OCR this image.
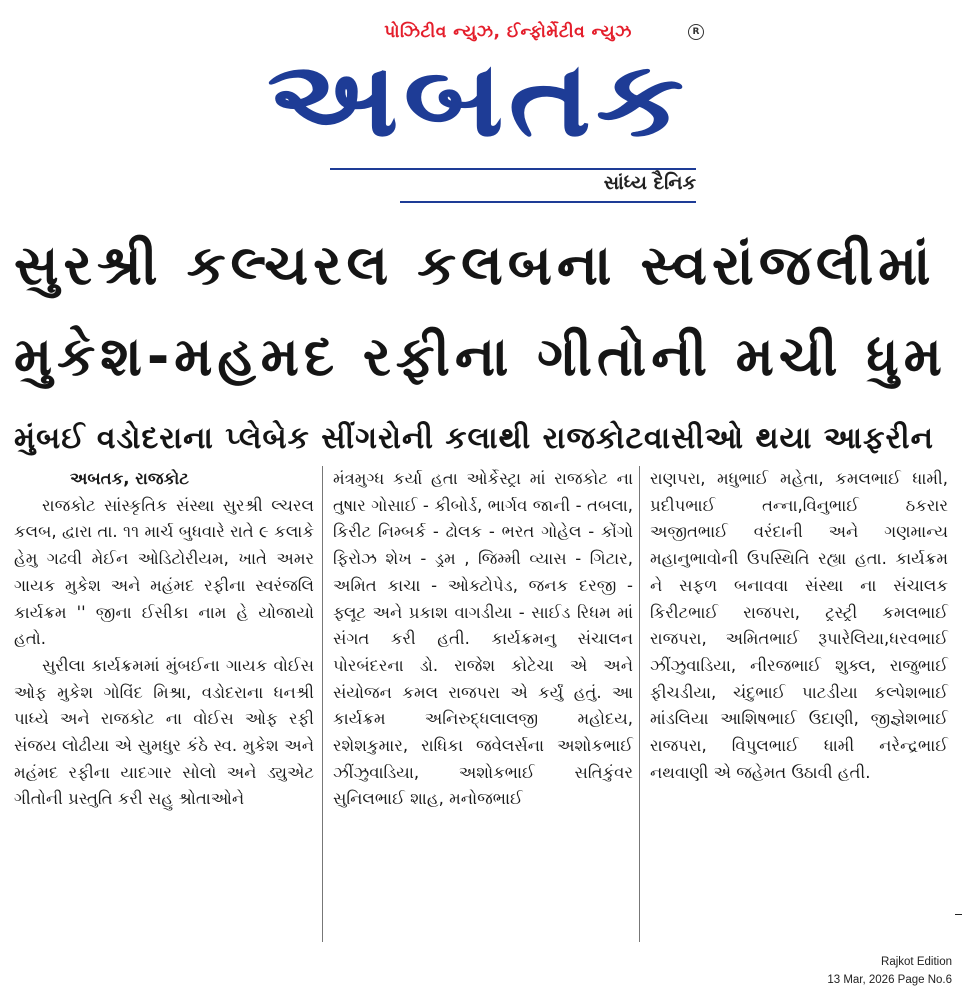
પોઝિટીવ ન્યુઝ, ઈન્ફોર્મેટીવ ન્યુઝ	R
અબતક
સાંધ્ય દૈનિક
સુરશ્રી કલ્ચરલ કલબના સ્વરાંજલીમાં
મુકેશ-મહમદ રફીના ગીતોની મચી ધુમ
મુંબઈ વડોદરાના પ્લેબેક સીંગરોની કલાથી રાજકોટવાસીઓ થયા આફરીન

અબતક, રાજકોટ

રાજકોટ સાંસ્કૃતિક સંસ્થા સુરશ્રી લ્ચરલ કલબ, દ્વારા તા. ૧૧ માર્ચ બુધવારે રાતે ૯ કલાકે હેમુ ગઢવી મેઈન ઓડિટોરીયમ, ખાતે અમર ગાયક મુકેશ અને મહંમદ રફીના સ્વરંજલિ કાર્યક્રમ '' જીના ઈસીકા નામ હે યોજાયો હતો.

સુરીલા કાર્યક્રમમાં મુંબઈના ગાયક વોઈસ ઓફ મુકેશ ગોવિંદ મિશ્રા, વડોદરાના ધનશ્રી પાધ્યે અને રાજકોટ ના વોઈસ ઓફ રફી સંજય લોઢીયા એ સુમધુર કંઠે સ્વ. મુકેશ અને મહંમદ રફીના યાદગાર સોલો અને ડ્યુએટ ગીતોની પ્રસ્તુતિ કરી સહુ શ્રોતાઓને

મંત્રમુગ્ધ કર્યા હતા ઓર્કેસ્ટ્રા માં રાજકોટ ના તુષાર ગોસાઈ - કીબોર્ડ, ભાર્ગવ જાની - તબલા, કિરીટ નિમ્બર્ક - ઢોલક - ભરત ગોહેલ - કોંગો ફિરોઝ શેખ - ડ્રમ , જિમ્મી વ્યાસ - ગિટાર, અમિત કાચા - ઓક્ટોપેડ, જનક દરજી - ફ્લૂટ અને પ્રકાશ વાગડીયા - સાઈડ રિધમ માં સંગત કરી હતી. કાર્યક્રમનુ સંચાલન પોરબંદરના ડો. રાજેશ કોટેચા એ અને સંયોજન કમલ રાજપરા એ કર્યું હતું. આ કાર્યક્રમ અનિરુદ્ધલાલજી મહોદય, રશેશકુમાર, રાધિકા જવેલર્સના અશોકભાઈ ઝીંઝુવાડિયા, અશોકભાઈ સતિકુંવર સુનિલભાઈ શાહ, મનોજભાઈ

રાણપરા, મધુભાઈ મહેતા, કમલભાઈ ધામી, પ્રદીપભાઈ તન્ના,વિનુભાઈ ઠકરાર અજીતભાઈ વરંદાની અને ગણમાન્ય મહાનુભાવોની ઉપસ્થિતિ રહ્યા હતા. કાર્યક્રમ ને સફળ બનાવવા સંસ્થા ના સંચાલક કિરીટભાઈ રાજપરા, ટ્રસ્ટ્રી કમલભાઈ રાજપરા, અમિતભાઈ રૂપારેલિયા,ધરવભાઈ ઝીંઝુવાડિયા, નીરજભાઈ શુક્લ, રાજુભાઈ ફીચડીયા, ચંદુભાઈ પાટડીયા કલ્પેશભાઈ માંડલિયા આશિષભાઈ ઉદાણી, જીજ્ઞેશભાઈ રાજપરા, વિપુલભાઈ ધામી નરેન્દ્રભાઈ નથવાણી એ જહેમત ઉઠાવી હતી.

Rajkot Edition
13 Mar, 2026 Page No.6
